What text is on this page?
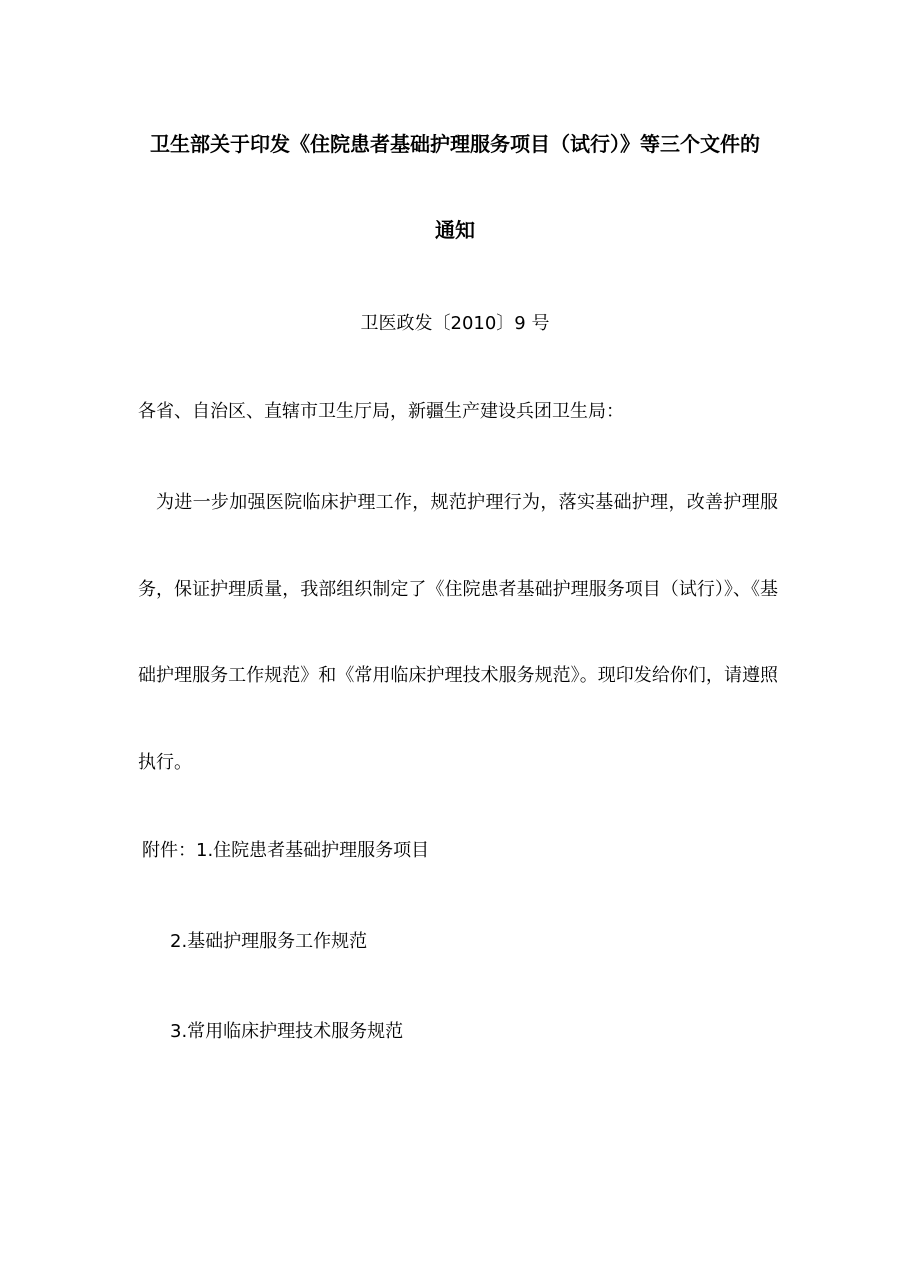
卫生部关于印发《住院患者基础护理服务项目（试行）》等三个文件的
通知
卫医政发〔2010〕9 号
各省、自治区、直辖市卫生厅局，新疆生产建设兵团卫生局：
为进一步加强医院临床护理工作，规范护理行为，落实基础护理，改善护理服
务，保证护理质量，我部组织制定了《住院患者基础护理服务项目（试行）》、《基
础护理服务工作规范》和《常用临床护理技术服务规范》。现印发给你们，请遵照
执行。
附件：1.住院患者基础护理服务项目
2.基础护理服务工作规范
3.常用临床护理技术服务规范
